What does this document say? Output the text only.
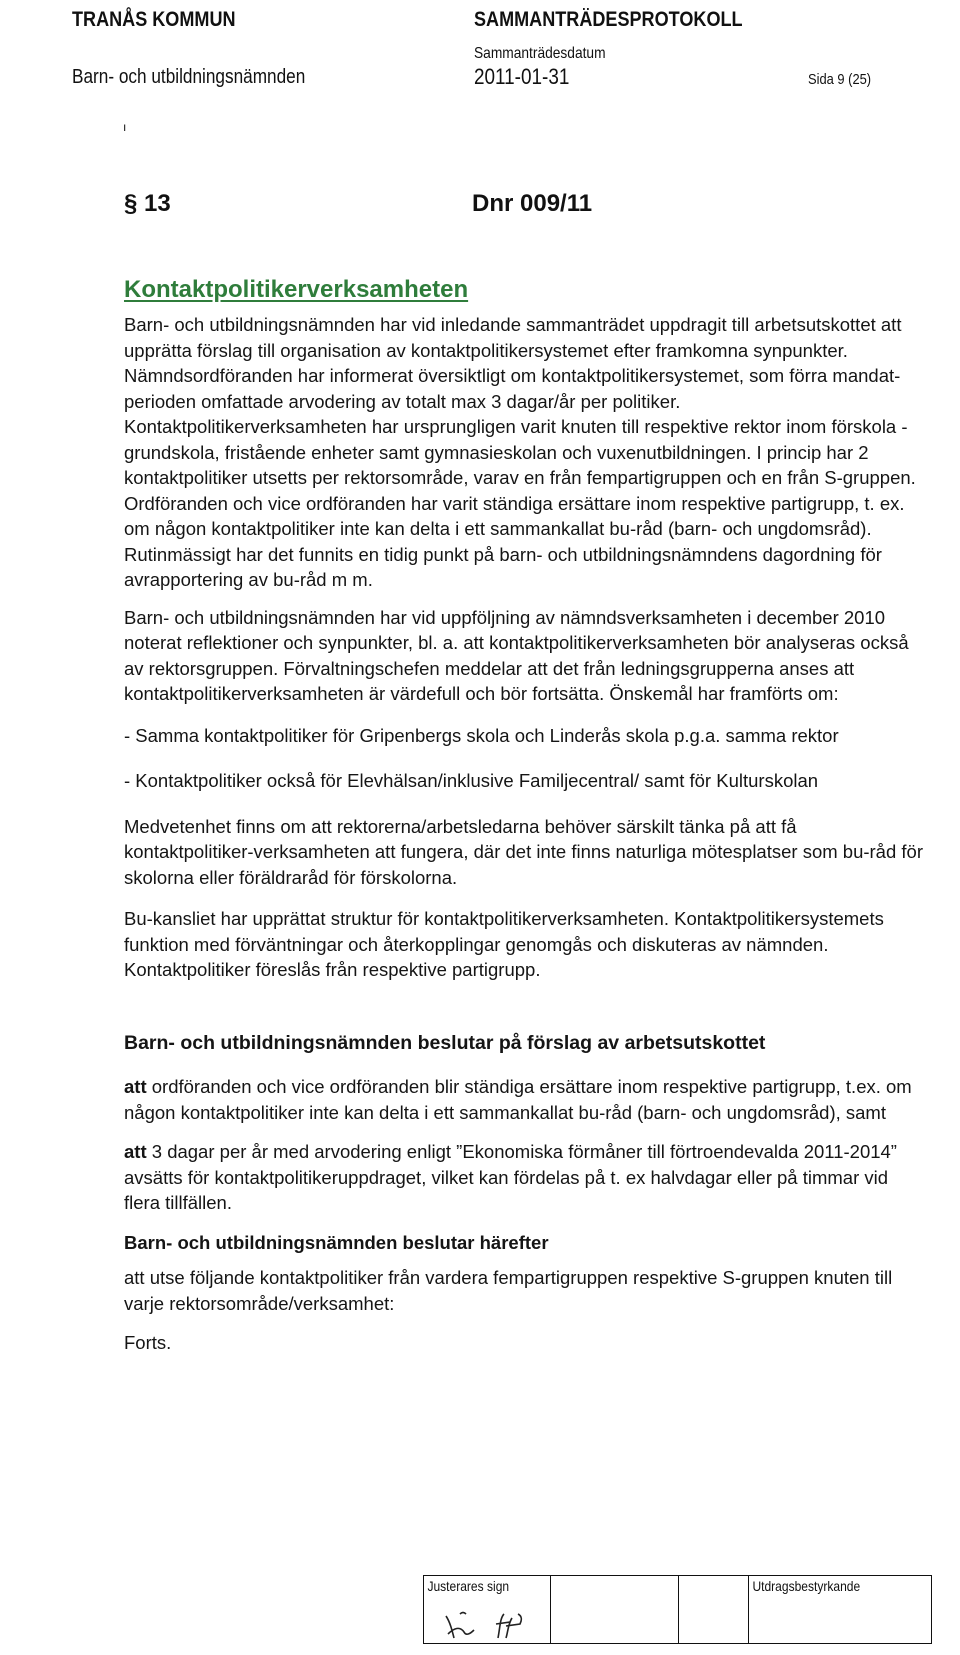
TRANÅS KOMMUN
Barn- och utbildningsnämnden
SAMMANTRÄDESPROTOKOLL
Sammanträdesdatum
2011-01-31	Sida 9 (25)
ı
§ 13	Dnr 009/11
Kontaktpolitikerverksamheten

Barn- och utbildningsnämnden har vid inledande sammanträdet uppdragit till arbetsutskottet att upprätta förslag till organisation av kontaktpolitikersystemet efter framkomna synpunkter.

Nämndsordföranden har informerat översiktligt om kontaktpolitikersystemet, som förra mandat-perioden omfattade arvodering av totalt max 3 dagar/år per politiker. Kontaktpolitikerverksamheten har ursprungligen varit knuten till respektive rektor inom förskola - grundskola, fristående enheter samt gymnasieskolan och vuxenutbildningen. I princip har 2 kontaktpolitiker utsetts per rektorsområde, varav en från fempartigruppen och en från S-gruppen. Ordföranden och vice ordföranden har varit ständiga ersättare inom respektive partigrupp, t. ex. om någon kontaktpolitiker inte kan delta i ett sammankallat bu-råd (barn- och ungdomsråd). Rutinmässigt har det funnits en tidig punkt på barn- och utbildningsnämndens dagordning för avrapportering av bu-råd m m.

Barn- och utbildningsnämnden har vid uppföljning av nämndsverksamheten i december 2010 noterat reflektioner och synpunkter, bl. a. att kontaktpolitikerverksamheten bör analyseras också av rektorsgruppen. Förvaltningschefen meddelar att det från ledningsgrupperna anses att kontaktpolitikerverksamheten är värdefull och bör fortsätta. Önskemål har framförts om:

- Samma kontaktpolitiker för Gripenbergs skola och Linderås skola p.g.a. samma rektor

- Kontaktpolitiker också för Elevhälsan/inklusive Familjecentral/ samt för Kulturskolan

Medvetenhet finns om att rektorerna/arbetsledarna behöver särskilt tänka på att få kontaktpolitiker-verksamheten att fungera, där det inte finns naturliga mötesplatser som bu-råd för skolorna eller föräldraråd för förskolorna.

Bu-kansliet har upprättat struktur för kontaktpolitikerverksamheten. Kontaktpolitikersystemets funktion med förväntningar och återkopplingar genomgås och diskuteras av nämnden. Kontaktpolitiker föreslås från respektive partigrupp.

Barn- och utbildningsnämnden beslutar på förslag av arbetsutskottet

att ordföranden och vice ordföranden blir ständiga ersättare inom respektive partigrupp, t.ex. om någon kontaktpolitiker inte kan delta i ett sammankallat bu-råd (barn- och ungdomsråd), samt

att 3 dagar per år med arvodering enligt ”Ekonomiska förmåner till förtroendevalda 2011-2014” avsätts för kontaktpolitikeruppdraget, vilket kan fördelas på t. ex halvdagar eller på timmar vid flera tillfällen.

Barn- och utbildningsnämnden beslutar härefter

att utse följande kontaktpolitiker från vardera fempartigruppen respektive S-gruppen knuten till varje rektorsområde/verksamhet:

Forts.

Justerares sign	Utdragsbestyrkande
